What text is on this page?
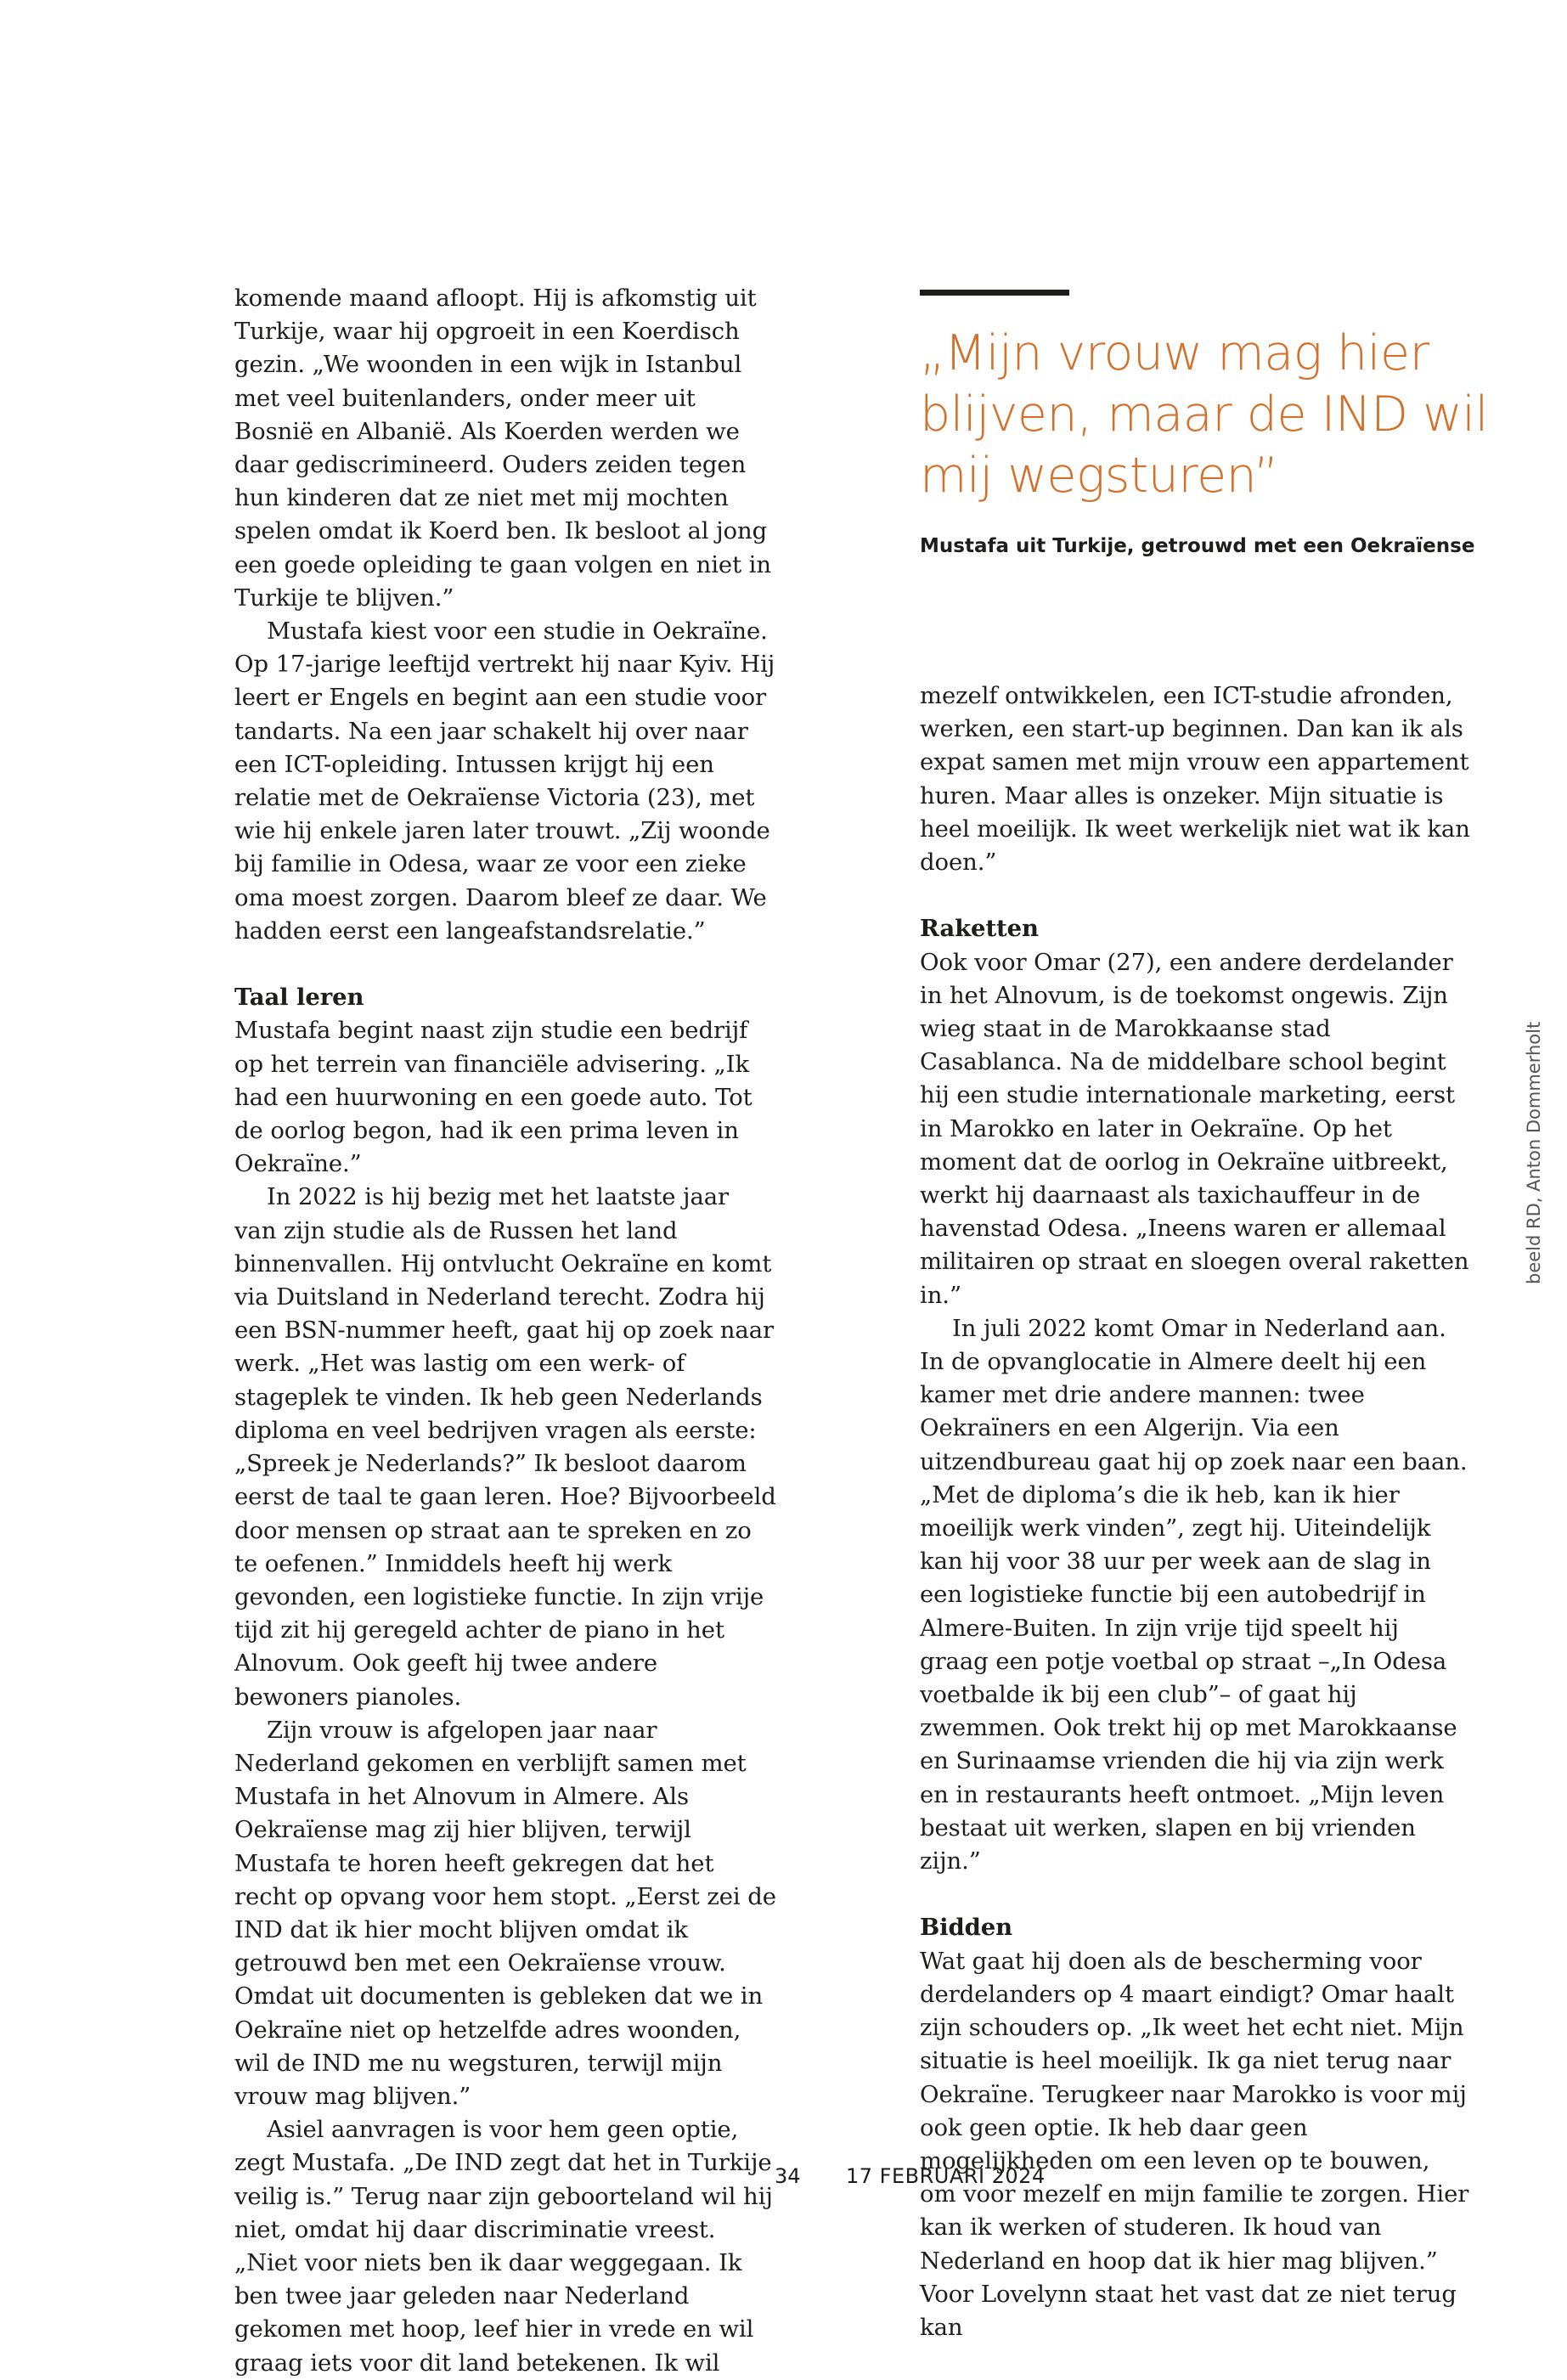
komende maand afloopt. Hij is afkomstig uit Turkije, waar hij opgroeit in een Koerdisch gezin. „We woonden in een wijk in Istanbul met veel buitenlanders, onder meer uit Bosnië en Albanië. Als Koerden werden we daar gediscrimineerd. Ouders zeiden tegen hun kinderen dat ze niet met mij mochten spelen omdat ik Koerd ben. Ik besloot al jong een goede opleiding te gaan volgen en niet in Turkije te blijven.”

Mustafa kiest voor een studie in Oekraïne. Op 17-jarige leeftijd vertrekt hij naar Kyiv. Hij leert er Engels en begint aan een studie voor tandarts. Na een jaar schakelt hij over naar een ICT-opleiding. Intussen krijgt hij een relatie met de Oekraïense Victoria (23), met wie hij enkele jaren later trouwt. „Zij woonde bij familie in Odesa, waar ze voor een zieke oma moest zorgen. Daarom bleef ze daar. We hadden eerst een langeafstandsrelatie.”

Taal leren

Mustafa begint naast zijn studie een bedrijf op het terrein van financiële advisering. „Ik had een huurwoning en een goede auto. Tot de oorlog begon, had ik een prima leven in Oekraïne.”

In 2022 is hij bezig met het laatste jaar van zijn studie als de Russen het land binnenvallen. Hij ontvlucht Oekraïne en komt via Duitsland in Nederland terecht. Zodra hij een BSN-nummer heeft, gaat hij op zoek naar werk. „Het was lastig om een werk- of stageplek te vinden. Ik heb geen Nederlands diploma en veel bedrijven vragen als eerste: „Spreek je Nederlands?” Ik besloot daarom eerst de taal te gaan leren. Hoe? Bijvoorbeeld door mensen op straat aan te spreken en zo te oefenen.” Inmiddels heeft hij werk gevonden, een logistieke functie. In zijn vrije tijd zit hij geregeld achter de piano in het Alnovum. Ook geeft hij twee andere bewoners pianoles.

Zijn vrouw is afgelopen jaar naar Nederland gekomen en verblijft samen met Mustafa in het Alnovum in Almere. Als Oekraïense mag zij hier blijven, terwijl Mustafa te horen heeft gekregen dat het recht op opvang voor hem stopt. „Eerst zei de IND dat ik hier mocht blijven omdat ik getrouwd ben met een Oekraïense vrouw. Omdat uit documenten is gebleken dat we in Oekraïne niet op hetzelfde adres woonden, wil de IND me nu wegsturen, terwijl mijn vrouw mag blijven.”

Asiel aanvragen is voor hem geen optie, zegt Mustafa. „De IND zegt dat het in Turkije veilig is.” Terug naar zijn geboorteland wil hij niet, omdat hij daar discriminatie vreest. „Niet voor niets ben ik daar weggegaan. Ik ben twee jaar geleden naar Nederland gekomen met hoop, leef hier in vrede en wil graag iets voor dit land betekenen. Ik wil

„Mijn vrouw mag hier blijven, maar de IND wil mij wegsturen”

Mustafa uit Turkije, getrouwd met een Oekraïense

mezelf ontwikkelen, een ICT-studie afronden, werken, een start-up beginnen. Dan kan ik als expat samen met mijn vrouw een appartement huren. Maar alles is onzeker. Mijn situatie is heel moeilijk. Ik weet werkelijk niet wat ik kan doen.”

Raketten

Ook voor Omar (27), een andere derdelander in het Alnovum, is de toekomst ongewis. Zijn wieg staat in de Marokkaanse stad Casablanca. Na de middelbare school begint hij een studie internationale marketing, eerst in Marokko en later in Oekraïne. Op het moment dat de oorlog in Oekraïne uitbreekt, werkt hij daarnaast als taxichauffeur in de havenstad Odesa. „Ineens waren er allemaal militairen op straat en sloegen overal raketten in.”

In juli 2022 komt Omar in Nederland aan. In de opvanglocatie in Almere deelt hij een kamer met drie andere mannen: twee Oekraïners en een Algerijn. Via een uitzendbureau gaat hij op zoek naar een baan. „Met de diploma’s die ik heb, kan ik hier moeilijk werk vinden”, zegt hij. Uiteindelijk kan hij voor 38 uur per week aan de slag in een logistieke functie bij een autobedrijf in Almere-Buiten. In zijn vrije tijd speelt hij graag een potje voetbal op straat –„In Odesa voetbalde ik bij een club”– of gaat hij zwemmen. Ook trekt hij op met Marokkaanse en Surinaamse vrienden die hij via zijn werk en in restaurants heeft ontmoet. „Mijn leven bestaat uit werken, slapen en bij vrienden zijn.”

Bidden

Wat gaat hij doen als de bescherming voor derdelanders op 4 maart eindigt? Omar haalt zijn schouders op. „Ik weet het echt niet. Mijn situatie is heel moeilijk. Ik ga niet terug naar Oekraïne. Terugkeer naar Marokko is voor mij ook geen optie. Ik heb daar geen mogelijkheden om een leven op te bouwen, om voor mezelf en mijn familie te zorgen. Hier kan ik werken of studeren. Ik houd van Nederland en hoop dat ik hier mag blijven.” Voor Lovelynn staat het vast dat ze niet terug kan

beeld RD, Anton Dommerholt
34 17 FEBRUARI 2024
